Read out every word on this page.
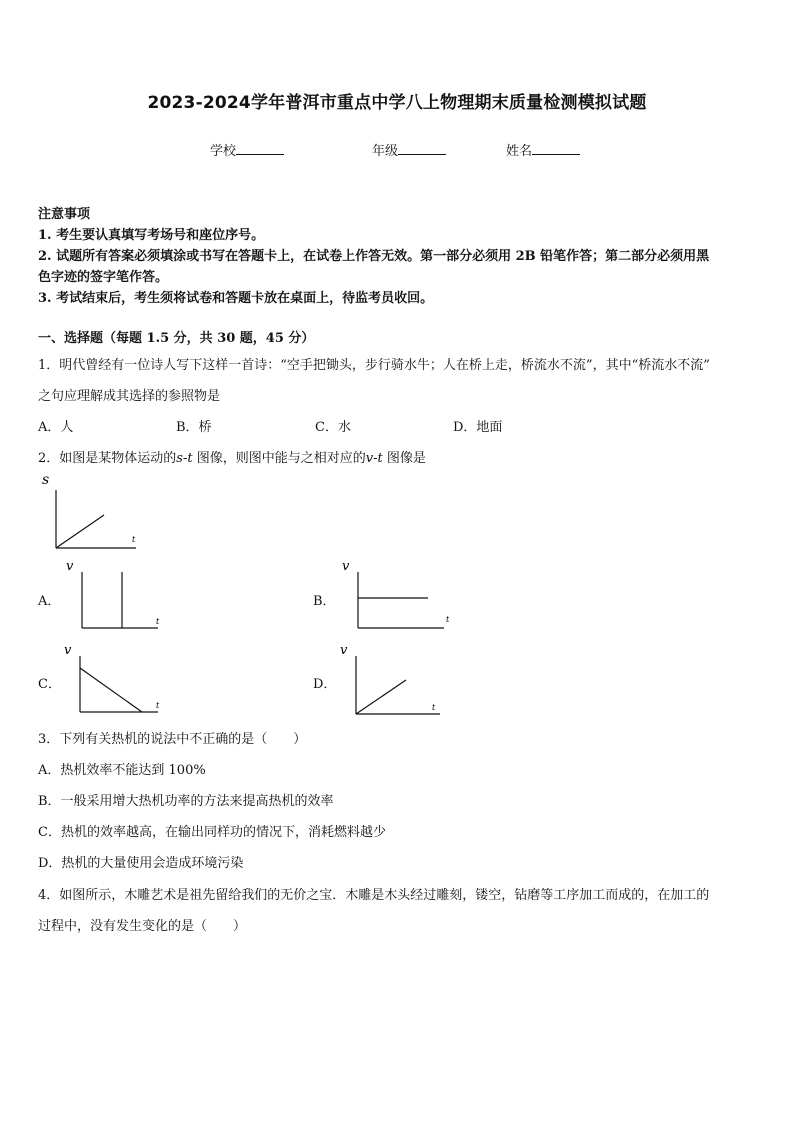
2023-2024学年普洱市重点中学八上物理期末质量检测模拟试题
学校	年级	姓名
注意事项
1. 考生要认真填写考场号和座位序号。
2. 试题所有答案必须填涂或书写在答题卡上，在试卷上作答无效。第一部分必须用 2B 铅笔作答；第二部分必须用黑
色字迹的签字笔作答。
3. 考试结束后，考生须将试卷和答题卡放在桌面上，待监考员收回。
一、选择题（每题 1.5 分，共 30 题，45 分）
1．明代曾经有一位诗人写下这样一首诗：“空手把锄头，步行骑水牛；人在桥上走，桥流水不流”，其中“桥流水不流”
之句应理解成其选择的参照物是
A．人	B．桥	C．水	D．地面
2．如图是某物体运动的s-t 图像，则图中能与之相对应的v-t 图像是
s
t
A．
v
t
B．
v
t
C．
v
t
D．
v
t
3．下列有关热机的说法中不正确的是（　　）
A．热机效率不能达到 100%
B．一般采用增大热机功率的方法来提高热机的效率
C．热机的效率越高，在输出同样功的情况下，消耗燃料越少
D．热机的大量使用会造成环境污染
4．如图所示，木雕艺术是祖先留给我们的无价之宝．木雕是木头经过雕刻，镂空，钻磨等工序加工而成的，在加工的
过程中，没有发生变化的是（　　）
